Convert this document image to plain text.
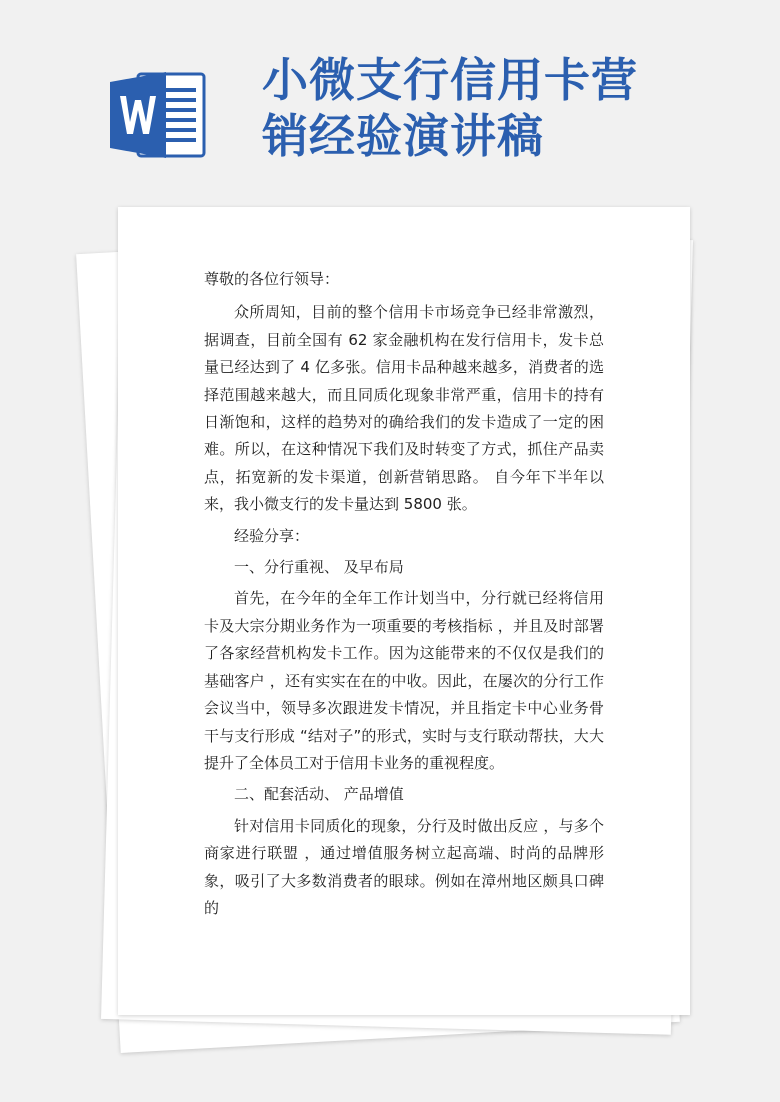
小微支行信用卡营
销经验演讲稿

尊敬的各位行领导：

众所周知，目前的整个信用卡市场竞争已经非常激烈，据调查，目前全国有 62 家金融机构在发行信用卡，发卡总量已经达到了 4 亿多张。信用卡品种越来越多，消费者的选择范围越来越大，而且同质化现象非常严重，信用卡的持有日渐饱和，这样的趋势对的确给我们的发卡造成了一定的困难。所以，在这种情况下我们及时转变了方式，抓住产品卖点，拓宽新的发卡渠道，创新营销思路。 自今年下半年以来，我小微支行的发卡量达到 5800 张。

经验分享：

一、分行重视、 及早布局

首先，在今年的全年工作计划当中，分行就已经将信用卡及大宗分期业务作为一项重要的考核指标 ，并且及时部署了各家经营机构发卡工作。因为这能带来的不仅仅是我们的基础客户 ，还有实实在在的中收。因此，在屡次的分行工作会议当中，领导多次跟进发卡情况，并且指定卡中心业务骨干与支行形成 “结对子”的形式，实时与支行联动帮扶，大大提升了全体员工对于信用卡业务的重视程度。

二、配套活动、 产品增值

针对信用卡同质化的现象，分行及时做出反应 ，与多个商家进行联盟 ，通过增值服务树立起高端、时尚的品牌形象，吸引了大多数消费者的眼球。例如在漳州地区颇具口碑的
